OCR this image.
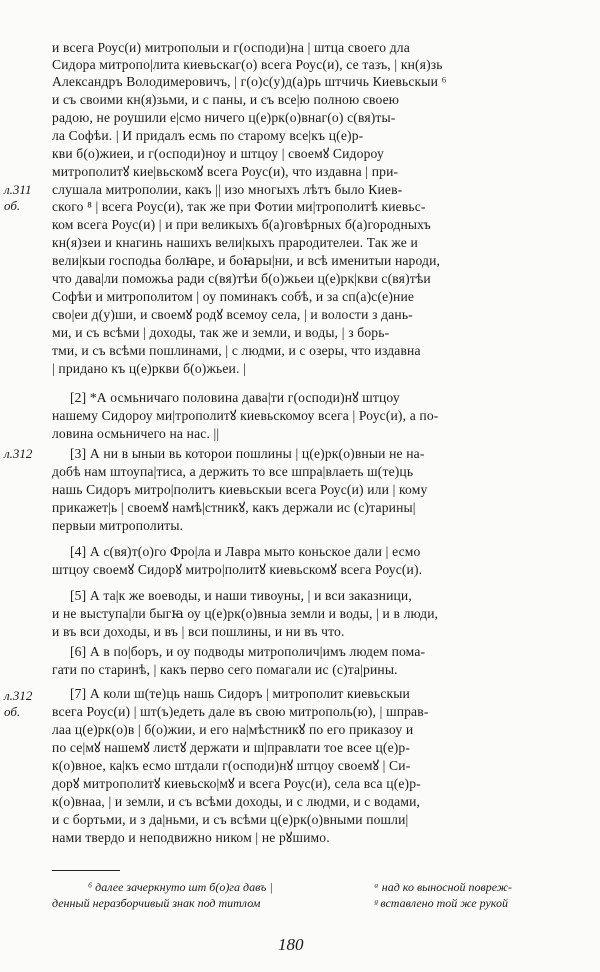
и всега Роус(и) митрополыи и г(осподи)на | штца своего дла
Сидора митропо|лита киевьскаг(о) всега Роус(и), се тазъ, | кн(я)зь
Александръ Володимеровичъ, | г(о)с(у)д(а)рь штчичь Киевьскыи ⁶
и съ своими кн(я)зьми, и с паны, и съ все|ю полною своею
радою, не роушили е|смо ничего ц(е)рк(о)внаг(о) с(вя)ты-
ла Софѣи. | И придалъ есмь по старому все|къ ц(е)р-
кви б(о)жиеи, и г(осподи)ноу и штцоу | своемꙋ Сидороу
митрополитꙋ кие|вьскомꙋ всега Роус(и), что издавна | при-
слушала митрополии, какъ || изо многыхъ лѣтъ было Киев-
ского ⁸ | всега Роус(и), так же при Фотии ми|трополитѣ киевьс-
ком всега Роус(и) | и при великыхъ б(а)говѣрных б(а)городныхъ
кн(я)зеи и кнагинь нашихъ вели|кыхъ прародителеи. Так же и
вели|кыи господьа болꙗре, и боꙗры|ни, и всѣ именитыи народи,
что дава|ли поможьа ради с(вя)тѣи б(о)жьеи ц(е)рк|кви с(вя)тѣи
Софѣи и митрополитом | оу поминакъ собѣ, и за сп(а)с(е)ние
сво|еи д(у)ши, и своемꙋ родꙋ всемоу села, | и волости з дань-
ми, и съ всѣми | доходы, так же и земли, и воды, | з борь-
тми, и съ всѣми пошлинами, | с людми, и с озеры, что издавна
| придано къ ц(е)ркви б(о)жьеи. |
[2] *А осмьничаго половина дава|ти г(осподи)нꙋ штцоу
нашему Сидороу ми|трополитꙋ киевьскомоу всега | Роус(и), а по-
ловина осмьничего на нас. ||
[3] А ни в ыныи вь которои пошлины | ц(е)рк(о)вныи не на-
добѣ нам штоупа|тиса, а держить то все шпра|влаеть ш(те)ць
нашь Сидоръ митро|политъ киевьскыи всега Роус(и) или | кому
прикажет|ь | своемꙋ намѣ|стникꙋ, какъ держали ис (с)тарины|
первыи митрополиты.
[4] А с(вя)т(о)го Фро|ла и Лавра мыто коньское дали | есмо
штцоу своемꙋ Сидорꙋ митро|политꙋ киевьскомꙋ всега Роус(и).
[5] А та|к же воеводы, и наши тивоуны, | и вси заказници,
и не выступа|ли быгꙗ оу ц(е)рк(о)вныа земли и воды, | и в люди,
и въ вси доходы, и въ | вси пошлины, и ни въ что.
[6] А в по|боръ, и оу подводы митрополич|имъ людем пома-
гати по старинѣ, | какъ перво сего помагали ис (с)та|рины.
[7] А коли ш(те)ць нашь Сидоръ | митрополит киевьскыи
всега Роус(и) | шт(ъ)едеть дале въ свою митрополь(ю), | шправ-
лаа ц(е)рк(о)в | б(о)жии, и его на|мѣстникꙋ по его приказоу и
по се|мꙋ нашемꙋ листꙋ держати и ш|правлати тое всее ц(е)р-
к(о)вное, ка|къ есмо штдали г(осподи)нꙋ штцоу своемꙋ | Си-
дорꙋ митрополитꙋ киевьско|мꙋ и всега Роус(и), села вса ц(е)р-
к(о)внаа, | и земли, и съ всѣми доходы, и с людми, и с водами,
и с бортьми, и з да|ньми, и съ всѣми ц(е)рк(о)вными пошли|
нами твердо и неподвижно ником | не рꙋшимо.
л.311
об.
л.312
л.312
об.
⁶ далее зачеркнуто шт б(о)га давъ |
денный неразборчивый знак под титлом
ᵃ над ко выносной повреж-
ᵍ вставлено той же рукой
180
